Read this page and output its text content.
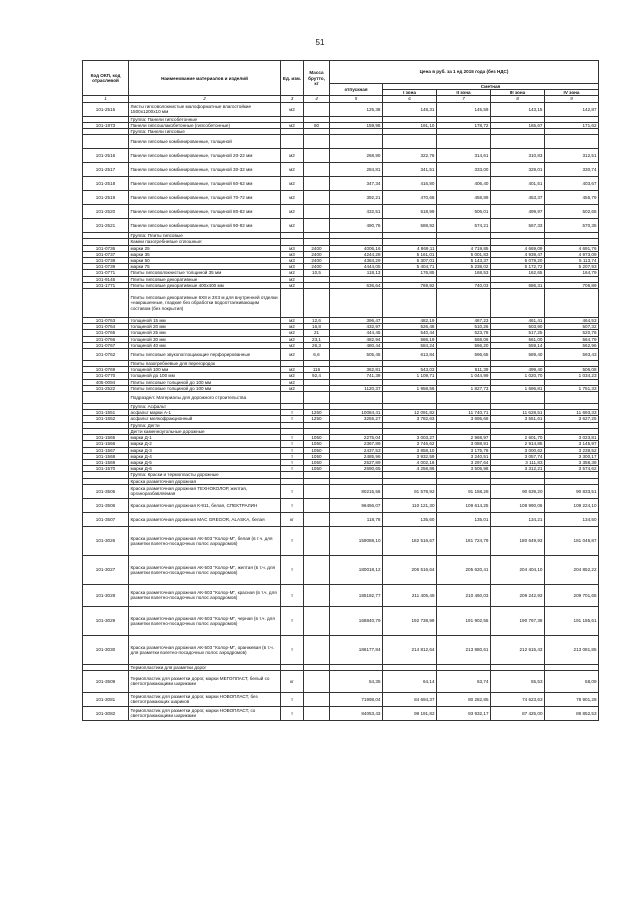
51
Код ОКП, код отраслевой	Наименование материалов и изделий	Ед. изм.	Масса брутто, кг	Цена в руб. за 1 ед 2015 года (без НДС)				
				отпускная	Сметная			
					I зона	II зона	III зона	IV зона
1	2	3	4	5	6	7	8	9
101-2515	Листы гипсоволокнистые малоформатные влагостойкие 1500х1200х10 мм	м2		125,38	148,31	145,59	143,15	142,87
	Группа: Панели гипсобетонные							
101-1973	Панели гипсошлакобетонные (гипсобетонные)	м2	80	159,95	191,10	178,72	165,67	171,62
	Группа: Панели гипсовые							
	Панели гипсовые комбинированные, толщиной							
101-2516	Панели гипсовые комбинированные, толщиной 20-22 мм	м2		268,90	322,76	314,61	310,83	312,51
101-2517	Панели гипсовые комбинированные, толщиной 30-32 мм	м2		284,81	341,51	333,00	329,01	330,74
101-2518	Панели гипсовые комбинированные, толщиной 60-62 мм	м2		347,34	416,80	406,40	401,51	403,67
101-2519	Панели гипсовые комбинированные, толщиной 70-72 мм	м2		392,21	470,66	458,89	453,37	455,79
101-2520	Панели гипсовые комбинированные, толщиной 80-82 мм	м2		432,51	518,99	506,01	499,97	502,65
101-2521	Панели гипсовые комбинированные, толщиной 90-92 мм	м2		490,76	588,92	574,21	567,33	570,35
	Группа: Плиты гипсовые							
	Камни пазогребневые сплошные:							
101-0736	марки 25	м3	2400	4006,16	4 869,11	4 719,85	4 669,09	4 691,76
101-0737	марки 35	м3	2400	4244,28	5 161,01	5 001,83	4 939,47	4 973,09
101-0738	марки 50	м3	2400	4384,29	5 307,01	5 143,37	5 079,20	5 113,74
101-0739	марки 75	м3	2400	4444,05	5 404,71	5 238,02	5 172,72	5 207,93
101-0771	Плиты гипсоволокнистые толщиной 35 мм	м2	10,5	118,13	176,85	168,53	162,65	164,79
101-9145	Плиты гипсовые декоративные	м2						
101-1771	Плиты гипсовые декоративные 400х400 мм	м2		636,64	769,92	740,03	686,31	706,89
	Плиты гипсовые декоративные 6Х8 и 3Х3 м для внутренней отделки «накрашенные, гладкие без обработки водоотталкивающим составом (без покрытия)							
101-0763	толщиной 15 мм	м2	12,6	396,47	482,19	467,23	461,41	464,53
101-0764	толщиной 20 мм	м2	16,8	432,97	526,48	510,26	503,90	507,32
101-0765	толщиной 25 мм	м2	21	444,45	540,44	523,78	517,25	520,76
101-0766	толщиной 30 мм	м2	23,1	482,94	586,19	568,06	561,00	564,79
101-0767	толщиной 40 мм	м2	26,3	480,44	584,24	566,20	559,14	562,96
101-0762	Плиты гипсовые звукопоглощающие перфорированные	м2	6,6	505,45	613,84	596,65	589,40	593,43
	Плиты пазогребневые для перегородок							
101-0769	толщиной 100 мм	м2	116	362,81	543,03	511,39	499,40	506,08
101-0770	толщиной до 100 мм	м2	92,4	741,39	1 109,71	1 044,99	1 020,70	1 034,23
405-0094	Плиты гипсовые толщиной до 100 мм	м2						
101-2522	Плиты гипсовые толщиной до 100 мм	м2		1120,37	1 958,56	1 827,73	1 696,81	1 751,33
	Подраздел: Материалы для дорожного строительства							
	Группа: Асфальт							
101-1551	асфальт марки А-1	т	1250	10084,41	12 091,82	11 740,71	11 628,51	11 693,33
101-1552	асфальт мелкофракционный	т	1250	3255,27	3 782,63	3 695,66	3 551,61	3 627,25
	Группа: Дегти							
	Дегти каменноугольные дорожные							
101-1565	марки Д-1	т	1050	2275,04	3 003,27	2 968,97	2 601,70	3 023,81
101-1566	марки Д-2	т	1050	2367,89	3 746,62	3 088,91	2 914,85	3 145,97
101-1567	марки Д-3	т	1050	2437,53	3 858,10	3 175,78	3 000,62	3 238,52
101-1568	марки Д-4	т	1050	2485,96	3 932,59	3 240,51	3 057,74	3 300,17
101-1569	марки Д-5	т	1050	2527,89	4 002,16	3 297,64	3 111,83	3 358,38
101-1570	марки Д-6	т	1050	2690,65	4 258,86	3 505,98	3 312,21	3 574,62
	Группа: Краски и термопласты дорожные							
	Краска разметочная дорожная							
101-3505	Краска разметочная дорожная ТЕХНОКОЛОР, желтая, органоразбавляемая	т		80215,56	91 578,92	91 158,28	90 639,20	90 833,51
101-3506	Краска разметочная дорожная К-911, белая, СПЕКТРАЛИН	т		96456,07	110 121,30	109 614,25	108 990,06	109 224,10
101-3507	Краска разметочная дорожная MAC GREGOR, ALASKA, белая	кг		118,78	135,60	135,01	134,21	134,50
101-3026	Краска разметочная дорожная АК-503 "Колор-М", белая (в т.ч. для разметки взлетно-посадочных полос аэродромов)	т		159088,10	182 516,67	181 724,79	180 649,93	181 045,87
101-3027	Краска разметочная дорожная АК-503 "Колор-М", желтая (в т.ч. для разметки взлетно-посадочных полос аэродромов)	т		180018,12	206 516,64	205 620,41	204 404,10	204 852,22
101-3028	Краска разметочная дорожная АК-503 "Колор-М", красная (в т.ч. для разметки взлетно-посадочных полос аэродромов)	т		185192,77	211 405,48	210 460,03	209 242,93	209 701,65
101-3029	Краска разметочная дорожная АК-503 "Колор-М", черная (в т.ч. для разметки взлетно-посадочных полос аэродромов)	т		168840,79	192 738,99	191 902,55	190 767,38	191 185,61
101-3030	Краска разметочная дорожная АК-503 "Колор-М", оранжевая (в т.ч. для разметки взлетно-посадочных полос аэродромов)	т		186177,84	214 812,64	213 880,61	212 615,43	213 081,85
	Термопластики для разметки дорог							
101-3509	Термопластик для разметки дорог, марки МЕГОПЛАСТ, белый со светоотражающими шариками	кг		54,35	64,14	63,74	55,53	58,09
101-3081	Термопластик для разметки дорог, марки НОВОПЛАСТ, без светоотражающих шариков	т		71998,04	84 694,37	80 282,85	74 623,63	78 901,28
101-3082	Термопластик для разметки дорог, марки НОВОПЛАСТ, со светоотражающими шариками	т		84053,43	99 191,82	93 932,17	87 425,00	89 852,53
